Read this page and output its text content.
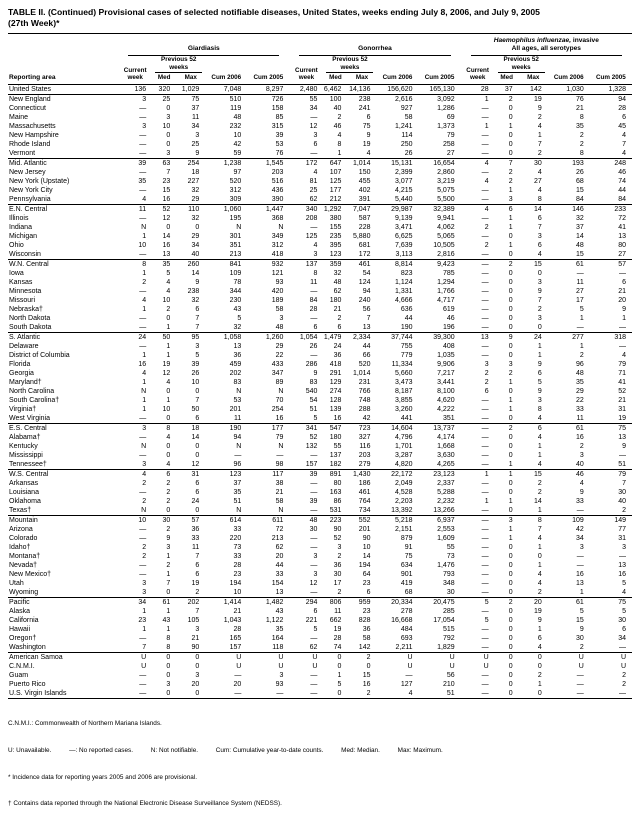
TABLE II. (Continued) Provisional cases of selected notifiable diseases, United States, weeks ending July 8, 2006, and July 9, 2005
(27th Week)*
Reporting area	Giardiasis					Gonorrhea					Haemophilus influenzae, invasive
All ages, all serotypes				

	Current week	Previous 52 weeks		Cum 2006	Cum 2005	Current week	Previous 52 weeks		Cum 2006	Cum 2005	Current week	Previous 52 weeks		Cum 2006	Cum 2005
		Med	Max				Med	Max				Med	Max		
United States	136	320	1,029	7,048	8,297	2,480	6,462	14,136	156,620	165,130	28	37	142	1,030	1,328
New England	3	25	75	510	726	55	100	238	2,616	3,092	1	2	19	76	94
Connecticut	—	0	37	119	158	34	40	241	927	1,286	—	0	9	21	28
Maine	—	3	11	48	85	—	2	6	58	69	—	0	2	8	6
Massachusetts	3	10	34	232	315	12	46	75	1,241	1,373	1	1	4	35	45
New Hampshire	—	0	3	10	39	3	4	9	114	79	—	0	1	2	4
Rhode Island	—	0	25	42	53	6	8	19	250	258	—	0	7	2	7
Vermont	—	3	9	59	76	—	1	4	26	27	—	0	2	8	4
Mid. Atlantic	39	63	254	1,238	1,545	172	647	1,014	15,131	16,654	4	7	30	193	248
New Jersey	—	7	18	97	203	4	107	150	2,399	2,860	—	2	4	26	46
New York (Upstate)	35	23	227	520	516	81	125	455	3,077	3,219	4	2	27	68	74
New York City	—	15	32	312	436	25	177	402	4,215	5,075	—	1	4	15	44
Pennsylvania	4	16	29	309	390	62	212	391	5,440	5,500	—	3	8	84	84
E.N. Central	11	52	110	1,060	1,447	340	1,292	7,047	29,987	32,389	4	6	14	146	233
Illinois	—	12	32	195	368	208	380	587	9,139	9,941	—	1	6	32	72
Indiana	N	0	0	N	N	—	155	228	3,471	4,062	2	1	7	37	41
Michigan	1	14	29	301	349	125	235	5,880	6,625	5,065	—	0	3	14	13
Ohio	10	16	34	351	312	4	395	681	7,639	10,505	2	1	6	48	80
Wisconsin	—	13	40	213	418	3	123	172	3,113	2,816	—	0	4	15	27
W.N. Central	8	35	260	841	932	137	359	461	8,814	9,423	—	2	15	61	57
Iowa	1	5	14	109	121	8	32	54	823	785	—	0	0	—	—
Kansas	2	4	9	78	93	11	48	124	1,124	1,294	—	0	3	11	6
Minnesota	—	4	238	344	420	—	62	94	1,331	1,766	—	0	9	27	21
Missouri	4	10	32	230	189	84	180	240	4,666	4,717	—	0	7	17	20
Nebraska†	1	2	6	43	58	28	21	56	636	619	—	0	2	5	9
North Dakota	—	0	7	5	3	—	2	7	44	46	—	0	3	1	1
South Dakota	—	1	7	32	48	6	6	13	190	196	—	0	0	—	—
S. Atlantic	24	50	95	1,058	1,260	1,054	1,479	2,334	37,744	39,300	13	9	24	277	318
Delaware	—	1	3	13	29	26	24	44	755	408	—	0	1	1	—
District of Columbia	1	1	5	36	22	—	36	66	779	1,035	—	0	1	2	4
Florida	16	19	39	459	433	286	418	520	11,334	9,906	3	3	9	96	79
Georgia	4	12	26	202	347	9	291	1,014	5,660	7,217	2	2	6	48	71
Maryland†	1	4	10	83	89	83	129	231	3,473	3,441	2	1	5	35	41
North Carolina	N	0	0	N	N	540	274	766	8,187	8,100	6	0	9	29	52
South Carolina†	1	1	7	53	70	54	128	748	3,855	4,620	—	1	3	22	21
Virginia†	1	10	50	201	254	51	139	288	3,260	4,222	—	1	8	33	31
West Virginia	—	0	6	11	16	5	16	42	441	351	—	0	4	11	19
E.S. Central	3	8	18	190	177	341	547	723	14,604	13,737	—	2	6	61	75
Alabama†	—	4	14	94	79	52	180	327	4,796	4,174	—	0	4	16	13
Kentucky	N	0	0	N	N	132	55	116	1,701	1,668	—	0	1	2	9
Mississippi	—	0	0	—	—	—	137	203	3,287	3,630	—	0	1	3	—
Tennessee†	3	4	12	96	98	157	182	279	4,820	4,265	—	1	4	40	51
W.S. Central	4	6	31	123	117	39	891	1,430	22,172	23,123	1	1	15	46	79
Arkansas	2	2	6	37	38	—	80	186	2,049	2,337	—	0	2	4	7
Louisiana	—	2	6	35	21	—	163	461	4,528	5,288	—	0	2	9	30
Oklahoma	2	2	24	51	58	39	86	764	2,203	2,232	1	1	14	33	40
Texas†	N	0	0	N	N	—	531	734	13,392	13,266	—	0	1	—	2
Mountain	10	30	57	614	611	48	223	552	5,218	6,937	—	3	8	109	149
Arizona	—	2	36	33	72	30	90	201	2,151	2,553	—	1	7	42	77
Colorado	—	9	33	220	213	—	52	90	879	1,609	—	1	4	34	31
Idaho†	2	3	11	73	62	—	3	10	91	55	—	0	1	3	3
Montana†	2	1	7	33	20	3	2	14	75	73	—	0	0	—	—
Nevada†	—	2	6	28	44	—	36	194	634	1,476	—	0	1	—	13
New Mexico†	—	1	6	23	33	3	30	64	901	793	—	0	4	16	16
Utah	3	7	19	194	154	12	17	23	419	348	—	0	4	13	5
Wyoming	3	0	2	10	13	—	2	6	68	30	—	0	2	1	4
Pacific	34	61	202	1,414	1,482	294	806	959	20,334	20,475	5	2	20	61	75
Alaska	1	1	7	21	43	6	11	23	278	285	—	0	19	5	5
California	23	43	105	1,043	1,122	221	662	828	16,668	17,054	5	0	9	15	30
Hawaii	1	1	3	28	35	5	19	36	484	515	—	0	1	9	6
Oregon†	—	8	21	165	164	—	28	58	693	792	—	0	6	30	34
Washington	7	8	90	157	118	62	74	142	2,211	1,829	—	0	4	2	—
American Samoa	U	0	0	U	U	U	0	2	U	U	U	0	0	U	U
C.N.M.I.	U	0	0	U	U	U	0	0	U	U	U	0	0	U	U
Guam	—	0	3	—	3	—	1	15	—	56	—	0	2	—	2
Puerto Rico	—	3	20	20	93	—	5	16	127	210	—	0	1	—	2
U.S. Virgin Islands	—	0	0	—	—	—	0	2	4	51	—	0	0	—	—

C.N.M.I.: Commonwealth of Northern Mariana Islands.

U: Unavailable.          —: No reported cases.          N: Not notifiable.          Cum: Cumulative year-to-date counts.          Med: Median.          Max: Maximum.

* Incidence data for reporting years 2005 and 2006 are provisional.

† Contains data reported through the National Electronic Disease Surveillance System (NEDSS).
